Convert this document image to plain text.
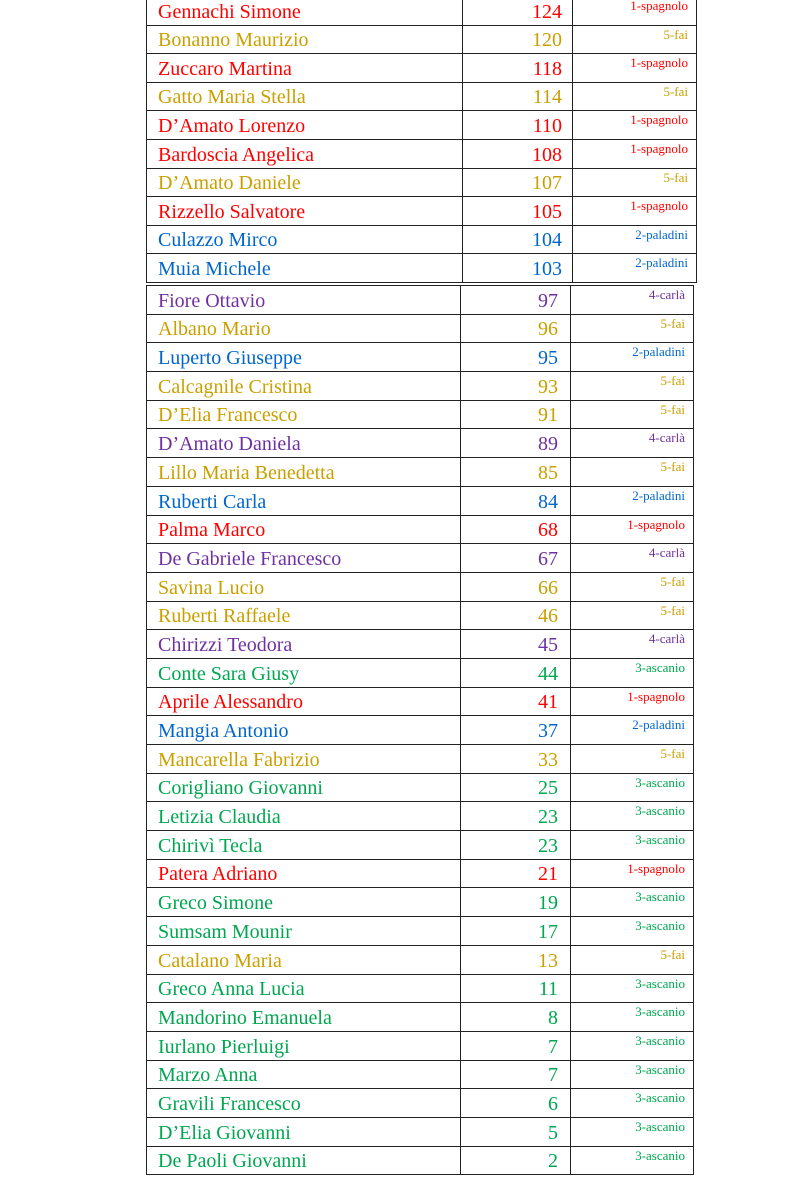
Gennachi Simone	124	1-spagnolo
Bonanno Maurizio	120	5-fai
Zuccaro Martina	118	1-spagnolo
Gatto Maria Stella	114	5-fai
D’Amato Lorenzo	110	1-spagnolo
Bardoscia Angelica	108	1-spagnolo
D’Amato Daniele	107	5-fai
Rizzello Salvatore	105	1-spagnolo
Culazzo Mirco	104	2-paladini
Muia Michele	103	2-paladini
Fiore Ottavio	97	4-carlà
Albano Mario	96	5-fai
Luperto Giuseppe	95	2-paladini
Calcagnile Cristina	93	5-fai
D’Elia Francesco	91	5-fai
D’Amato Daniela	89	4-carlà
Lillo Maria Benedetta	85	5-fai
Ruberti Carla	84	2-paladini
Palma Marco	68	1-spagnolo
De Gabriele Francesco	67	4-carlà
Savina Lucio	66	5-fai
Ruberti Raffaele	46	5-fai
Chirizzi Teodora	45	4-carlà
Conte Sara Giusy	44	3-ascanio
Aprile Alessandro	41	1-spagnolo
Mangia Antonio	37	2-paladini
Mancarella Fabrizio	33	5-fai
Corigliano Giovanni	25	3-ascanio
Letizia Claudia	23	3-ascanio
Chirivì Tecla	23	3-ascanio
Patera Adriano	21	1-spagnolo
Greco Simone	19	3-ascanio
Sumsam Mounir	17	3-ascanio
Catalano Maria	13	5-fai
Greco Anna Lucia	11	3-ascanio
Mandorino Emanuela	8	3-ascanio
Iurlano Pierluigi	7	3-ascanio
Marzo Anna	7	3-ascanio
Gravili Francesco	6	3-ascanio
D’Elia Giovanni	5	3-ascanio
De Paoli Giovanni	2	3-ascanio
